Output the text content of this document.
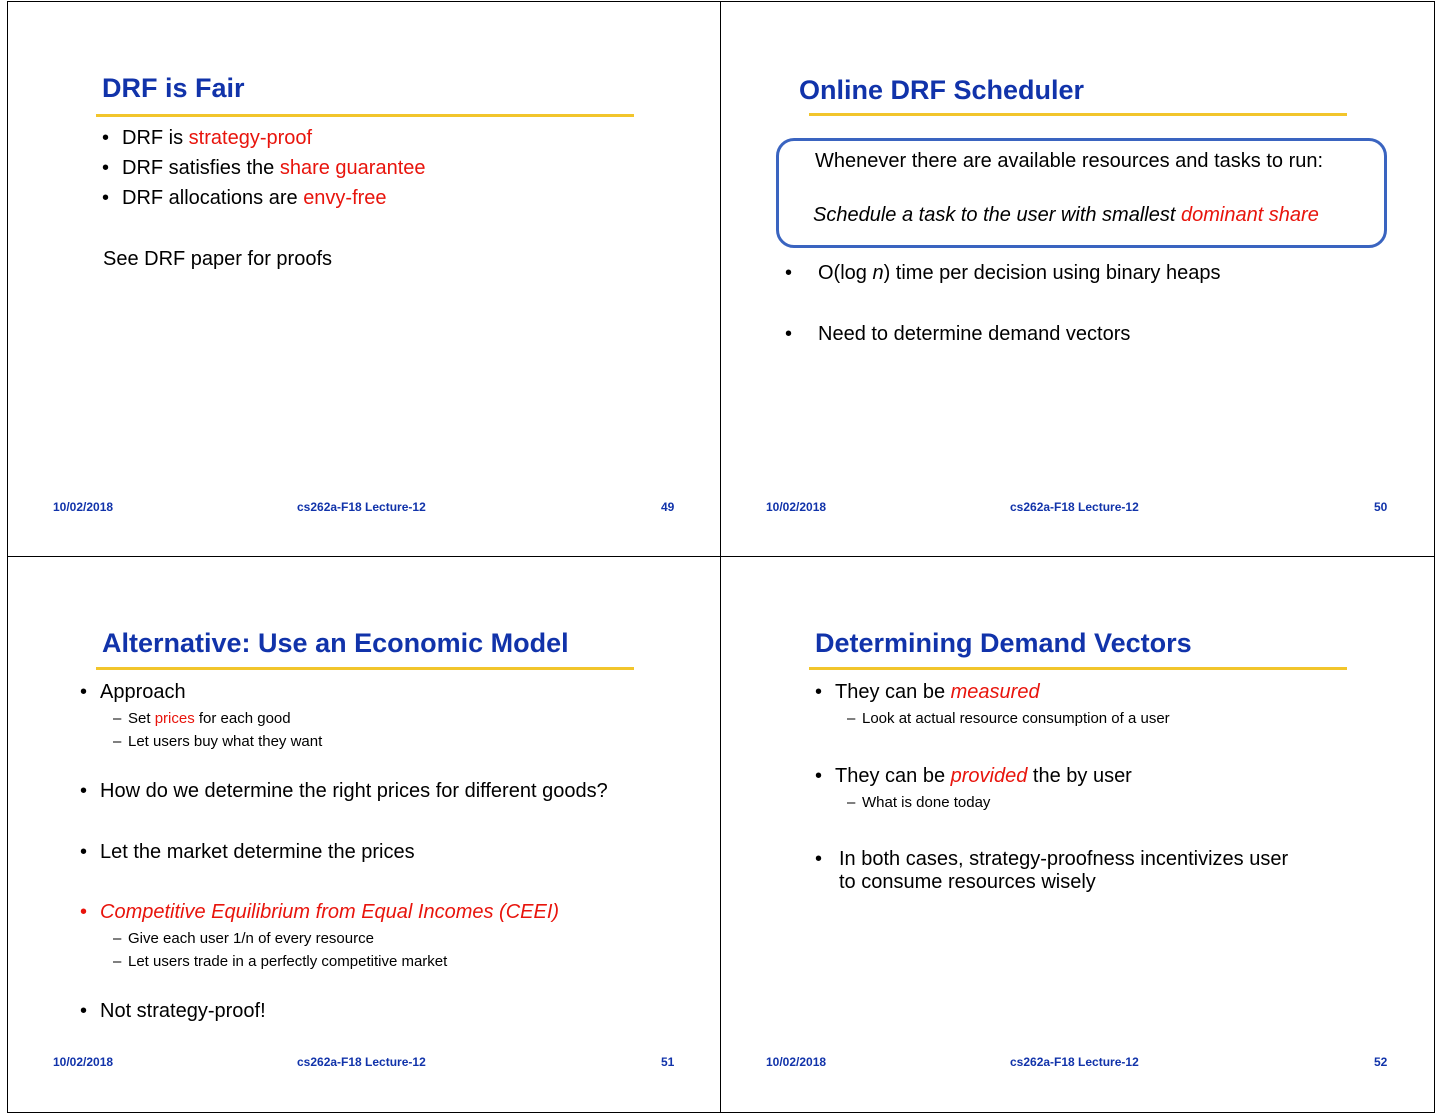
DRF is Fair
• DRF is strategy-proof
• DRF satisfies the share guarantee
• DRF allocations are envy-free
See DRF paper for proofs
10/02/2018	cs262a-F18 Lecture-12	49
Online DRF Scheduler
Whenever there are available resources and tasks to run:
Schedule a task to the user with smallest dominant share
• O(log n) time per decision using binary heaps
• Need to determine demand vectors
10/02/2018	cs262a-F18 Lecture-12	50
Alternative: Use an Economic Model
• Approach
– Set prices for each good
– Let users buy what they want
• How do we determine the right prices for different goods?
• Let the market determine the prices
• Competitive Equilibrium from Equal Incomes (CEEI)
– Give each user 1/n of every resource
– Let users trade in a perfectly competitive market
• Not strategy-proof!
10/02/2018	cs262a-F18 Lecture-12	51
Determining Demand Vectors
• They can be measured
– Look at actual resource consumption of a user
• They can be provided the by user
– What is done today
• In both cases, strategy-proofness incentivizes user
to consume resources wisely
10/02/2018	cs262a-F18 Lecture-12	52
